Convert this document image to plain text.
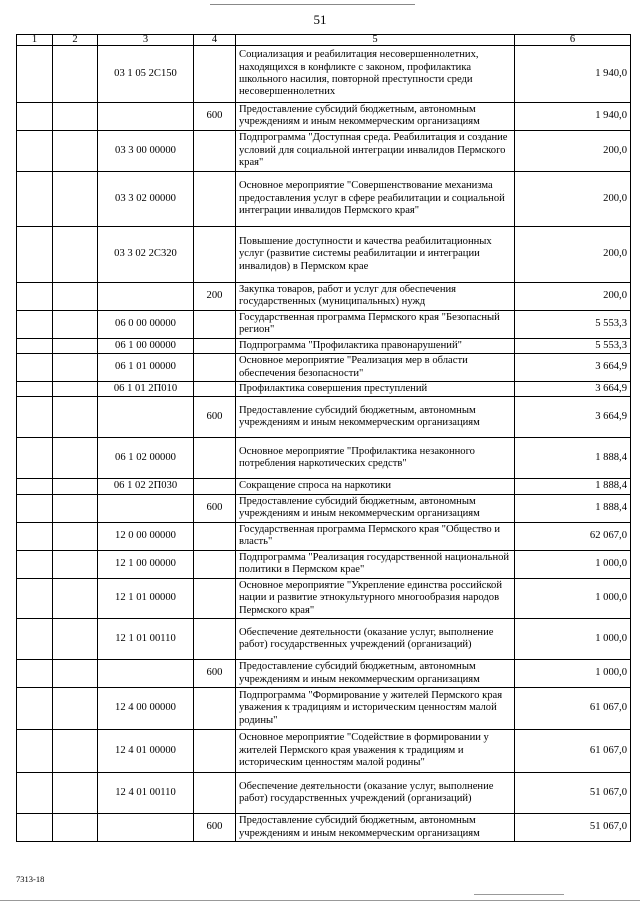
51
1	2	3	4	5	6
		03 1 05 2С150		Социализация и реабилитация несовершеннолетних, находящихся в конфликте с законом, профилактика школьного насилия, повторной преступности среди несовершеннолетних	1 940,0
			600	Предоставление субсидий бюджетным, автономным учреждениям и иным некоммерческим организациям	1 940,0
		03 3 00 00000		Подпрограмма "Доступная среда. Реабилитация и создание условий для социальной интеграции инвалидов Пермского края"	200,0
		03 3 02 00000		Основное мероприятие "Совершенствование механизма предоставления услуг в сфере реабилитации и социальной интеграции инвалидов Пермского края"	200,0
		03 3 02 2С320		Повышение доступности и качества реабилитационных услуг (развитие системы реабилитации и интеграции инвалидов) в Пермском крае	200,0
			200	Закупка товаров, работ и услуг для обеспечения государственных (муниципальных) нужд	200,0
		06 0 00 00000		Государственная программа Пермского края "Безопасный регион"	5 553,3
		06 1 00 00000		Подпрограмма "Профилактика правонарушений"	5 553,3
		06 1 01 00000		Основное мероприятие "Реализация мер в области обеспечения безопасности"	3 664,9
		06 1 01 2П010		Профилактика совершения преступлений	3 664,9
			600	Предоставление субсидий бюджетным, автономным учреждениям и иным некоммерческим организациям	3 664,9
		06 1 02 00000		Основное мероприятие "Профилактика незаконного потребления наркотических средств"	1 888,4
		06 1 02 2П030		Сокращение спроса на наркотики	1 888,4
			600	Предоставление субсидий бюджетным, автономным учреждениям и иным некоммерческим организациям	1 888,4
		12 0 00 00000		Государственная программа Пермского края "Общество и власть"	62 067,0
		12 1 00 00000		Подпрограмма "Реализация государственной национальной политики в Пермском крае"	1 000,0
		12 1 01 00000		Основное мероприятие "Укрепление единства российской нации и развитие этнокультурного многообразия народов Пермского края"	1 000,0
		12 1 01 00110		Обеспечение деятельности (оказание услуг, выполнение работ) государственных учреждений (организаций)	1 000,0
			600	Предоставление субсидий бюджетным, автономным учреждениям и иным некоммерческим организациям	1 000,0
		12 4 00 00000		Подпрограмма "Формирование у жителей Пермского края уважения к традициям и историческим ценностям малой родины"	61 067,0
		12 4 01 00000		Основное мероприятие "Содействие в формировании у жителей Пермского края уважения к традициям и историческим ценностям малой родины"	61 067,0
		12 4 01 00110		Обеспечение деятельности (оказание услуг, выполнение работ) государственных учреждений (организаций)	51 067,0
			600	Предоставление субсидий бюджетным, автономным учреждениям и иным некоммерческим организациям	51 067,0
7313-18
